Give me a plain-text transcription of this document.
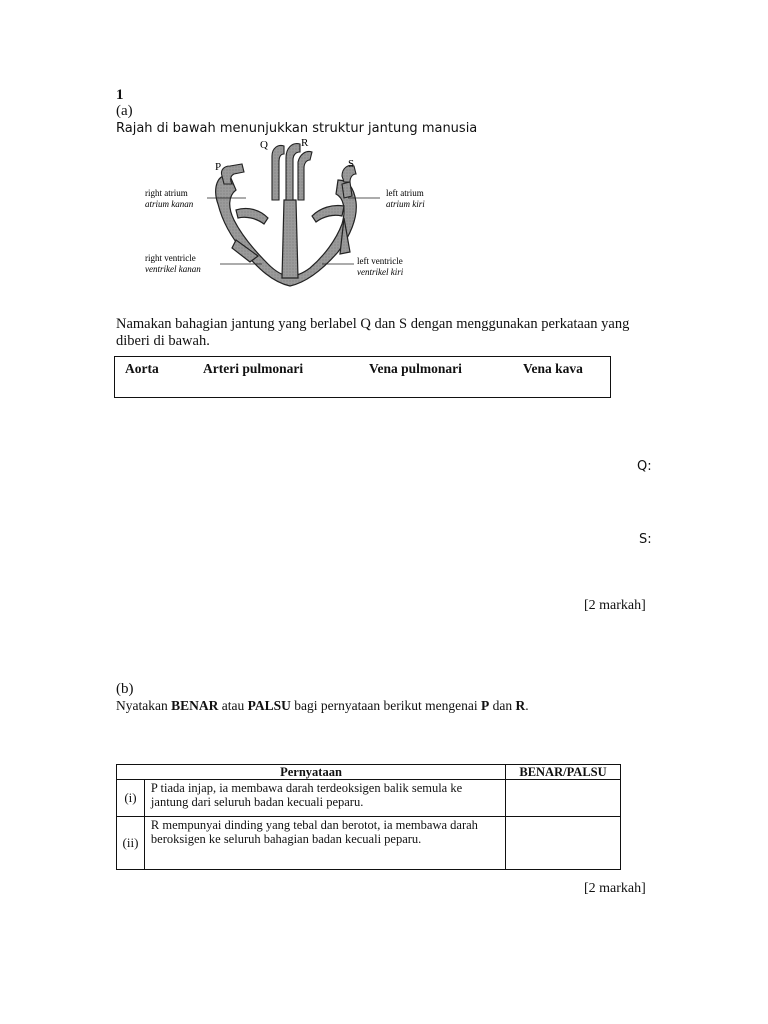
1
(a)
Rajah di bawah menunjukkan struktur jantung manusia
P
Q	R
S
right atrium
atrium kanan
left atrium
atrium kiri
right ventricle
ventrikel kanan
left ventricle
ventrikel kiri
Namakan bahagian jantung yang berlabel Q dan S dengan menggunakan perkataan yang diberi di bawah.
Aorta	Arteri pulmonari	Vena pulmonari	Vena kava
Q:
S:
[2 markah]
(b)
Nyatakan BENAR atau PALSU bagi pernyataan berikut mengenai P dan R.
Pernyataan		BENAR/PALSU
(i)	P tiada injap, ia membawa darah terdeoksigen balik semula ke jantung dari seluruh badan kecuali peparu.	
(ii)	R mempunyai dinding yang tebal dan berotot, ia membawa darah beroksigen ke seluruh bahagian badan kecuali peparu.	
[2 markah]
